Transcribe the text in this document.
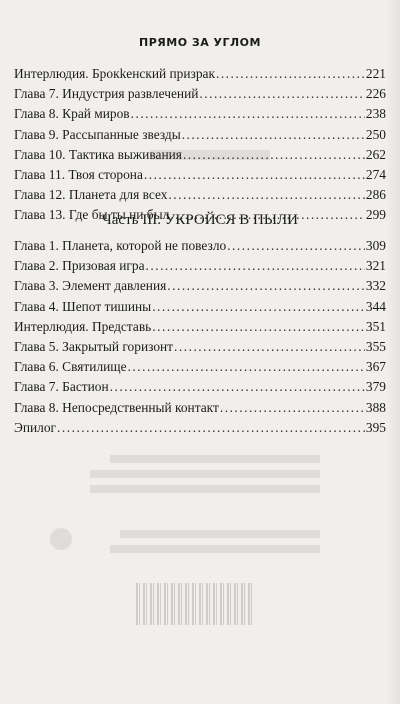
ПРЯМО ЗА УГЛОМ
Интерлюдия. Брокkенский призрак .....	221
Глава 7. Индустрия развлечений .....	226
Глава 8. Край миров .....	238
Глава 9. Рассыпанные звезды .....	250
Глава 10. Тактика выживания .....	262
Глава 11. Твоя сторона .....	274
Глава 12. Планета для всех .....	286
Глава 13. Где бы ты ни был .....	299
Часть III. УКРОЙСЯ В ПЫЛИ
Глава 1. Планета, которой не повезло .....	309
Глава 2. Призовая игра .....	321
Глава 3. Элемент давления .....	332
Глава 4. Шепот тишины .....	344
Интерлюдия. Представь .....	351
Глава 5. Закрытый горизонт .....	355
Глава 6. Святилище .....	367
Глава 7. Бастион .....	379
Глава 8. Непосредственный контакт .....	388
Эпилог .....	395
